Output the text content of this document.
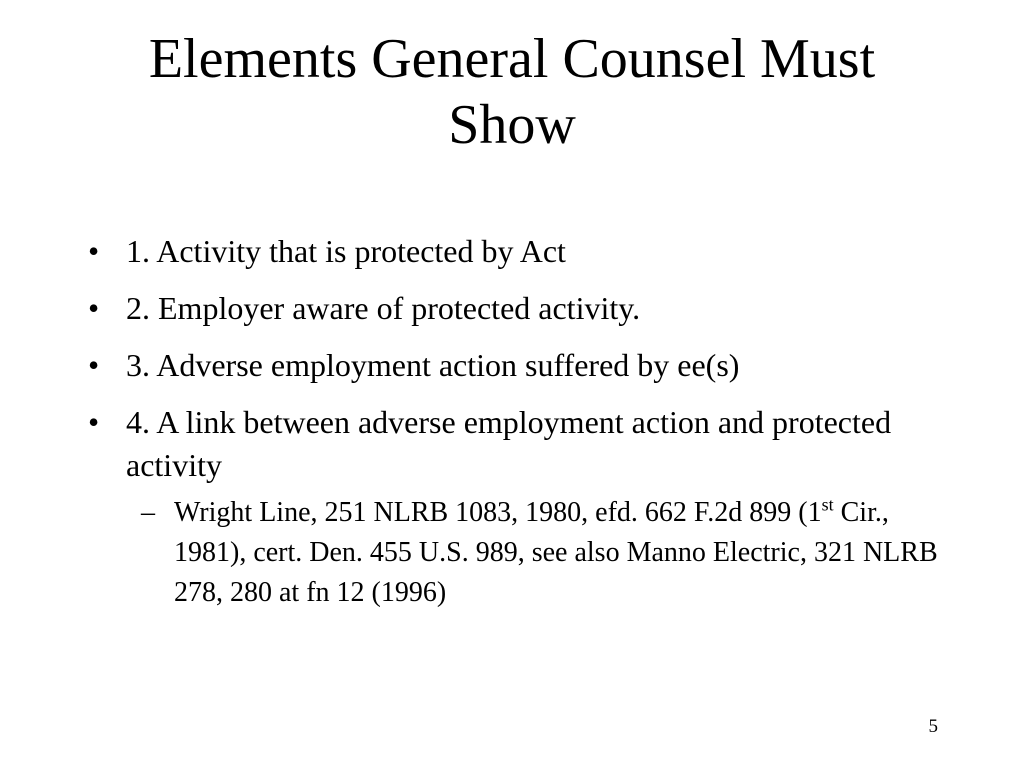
Elements General Counsel Must
Show
• 1. Activity that is protected by Act
• 2. Employer aware of protected activity.
• 3. Adverse employment action suffered by ee(s)
• 4. A link between adverse employment action and protected activity
– Wright Line, 251 NLRB 1083, 1980, efd. 662 F.2d 899 (1st Cir., 1981), cert. Den. 455 U.S. 989, see also Manno Electric, 321 NLRB 278, 280 at fn 12 (1996)
5
